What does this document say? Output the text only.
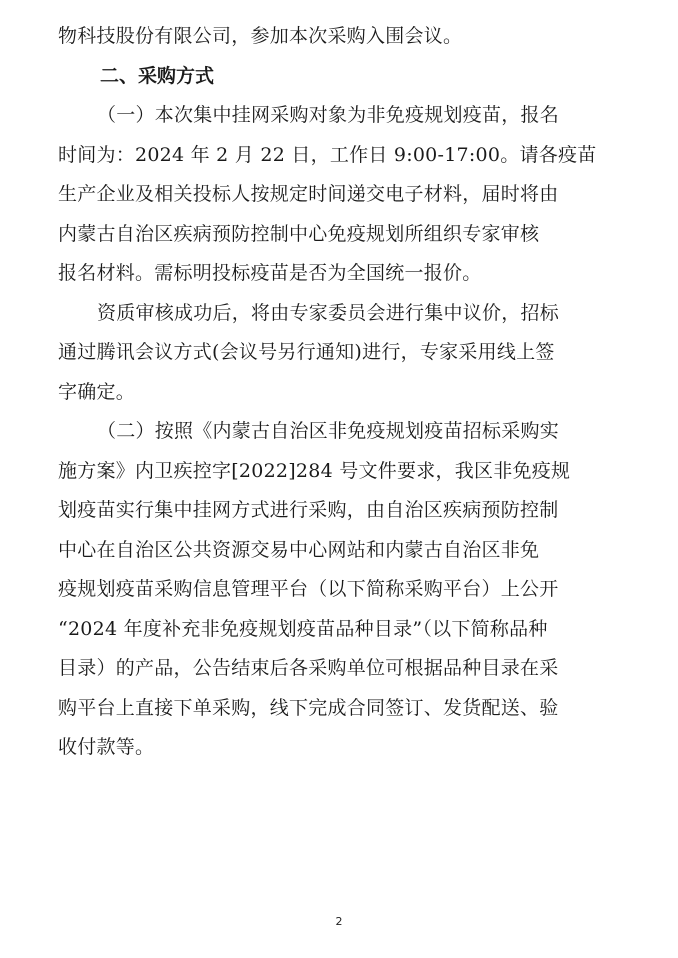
物科技股份有限公司，参加本次采购入围会议。
二、采购方式
（一）本次集中挂网采购对象为非免疫规划疫苗，报名
时间为：2024 年 2 月 22 日，工作日 9:00-17:00。请各疫苗
生产企业及相关投标人按规定时间递交电子材料，届时将由
内蒙古自治区疾病预防控制中心免疫规划所组织专家审核
报名材料。需标明投标疫苗是否为全国统一报价。
资质审核成功后，将由专家委员会进行集中议价，招标
通过腾讯会议方式(会议号另行通知)进行，专家采用线上签
字确定。
（二）按照《内蒙古自治区非免疫规划疫苗招标采购实
施方案》内卫疾控字[2022]284 号文件要求，我区非免疫规
划疫苗实行集中挂网方式进行采购，由自治区疾病预防控制
中心在自治区公共资源交易中心网站和内蒙古自治区非免
疫规划疫苗采购信息管理平台（以下简称采购平台）上公开
“2024 年度补充非免疫规划疫苗品种目录”（以下简称品种
目录）的产品，公告结束后各采购单位可根据品种目录在采
购平台上直接下单采购，线下完成合同签订、发货配送、验
收付款等。
2
